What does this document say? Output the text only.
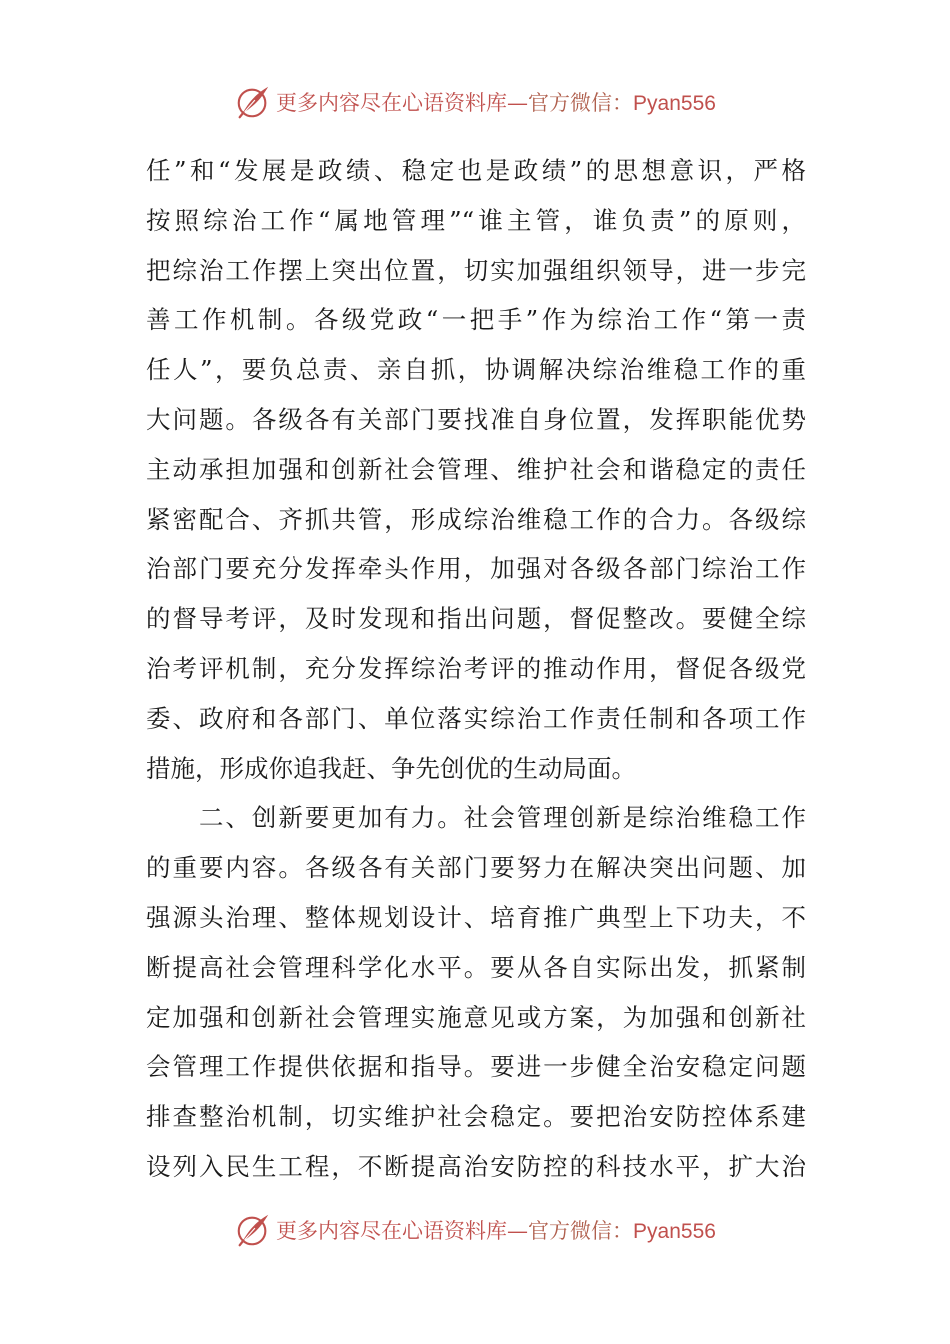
更多内容尽在心语资料库—官方微信：Pyan556
任”和“发展是政绩、稳定也是政绩”的思想意识，严格
按照综治工作“属地管理”“谁主管，谁负责”的原则，
把综治工作摆上突出位置，切实加强组织领导，进一步完
善工作机制。各级党政“一把手”作为综治工作“第一责
任人”，要负总责、亲自抓，协调解决综治维稳工作的重
大问题。各级各有关部门要找准自身位置，发挥职能优势
主动承担加强和创新社会管理、维护社会和谐稳定的责任
紧密配合、齐抓共管，形成综治维稳工作的合力。各级综
治部门要充分发挥牵头作用，加强对各级各部门综治工作
的督导考评，及时发现和指出问题，督促整改。要健全综
治考评机制，充分发挥综治考评的推动作用，督促各级党
委、政府和各部门、单位落实综治工作责任制和各项工作
措施，形成你追我赶、争先创优的生动局面。
　　二、创新要更加有力。社会管理创新是综治维稳工作
的重要内容。各级各有关部门要努力在解决突出问题、加
强源头治理、整体规划设计、培育推广典型上下功夫，不
断提高社会管理科学化水平。要从各自实际出发，抓紧制
定加强和创新社会管理实施意见或方案，为加强和创新社
会管理工作提供依据和指导。要进一步健全治安稳定问题
排查整治机制，切实维护社会稳定。要把治安防控体系建
设列入民生工程，不断提高治安防控的科技水平，扩大治
更多内容尽在心语资料库—官方微信：Pyan556
